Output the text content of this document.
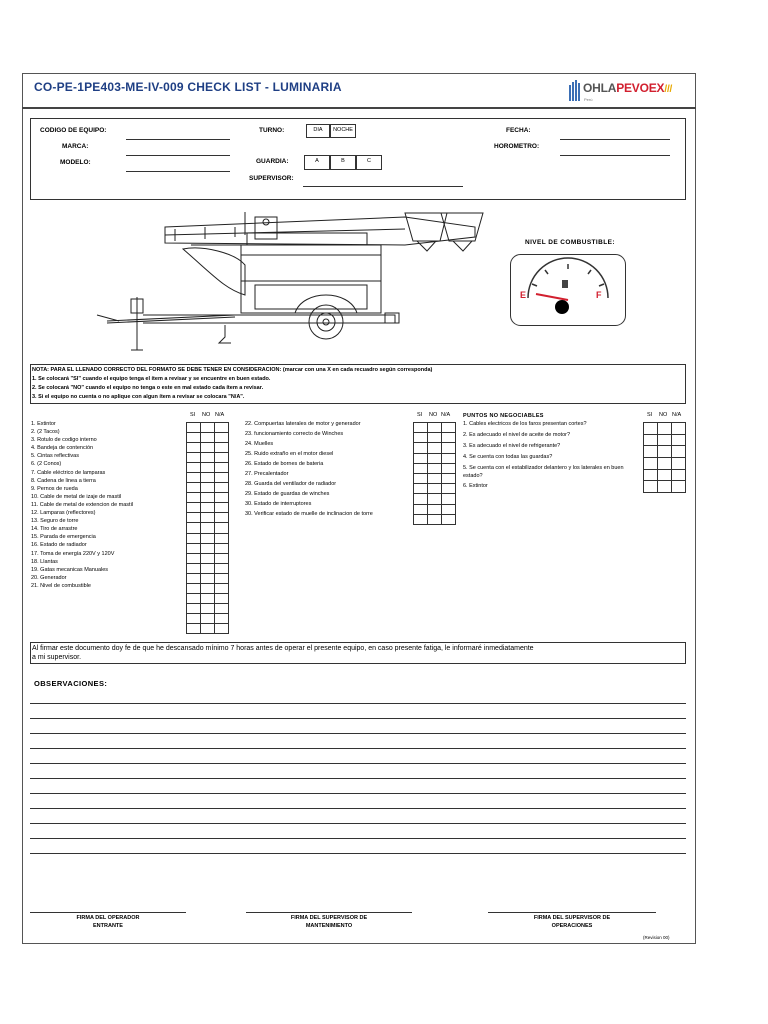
CO-PE-1PE403-ME-IV-009 CHECK LIST - LUMINARIA	OHLAPEVOEX///
Perú
CODIGO DE EQUIPO:
MARCA:
MODELO:
TURNO:	DIA	NOCHE
GUARDIA:	A	B	C
SUPERVISOR:
FECHA:
HOROMETRO:
NIVEL DE COMBUSTIBLE:
E	F
NOTA: PARA EL LLENADO CORRECTO DEL FORMATO SE DEBE TENER EN CONSIDERACION: (marcar con una X en cada recuadro según corresponda)
1. Se colocará "SI" cuando el equipo tenga el ítem a revisar y se encuentre en buen estado.
2. Se colocará "NO" cuando el equipo no tenga o este en mal estado cada ítem a revisar.
3. Si el equipo no cuenta o no aplique con algun ítem a revisar se colocara "N/A".
SI NO N/A	SI NO N/A	SI NO N/A
1. Extintor
2. (2 Tacos)
3. Rotulo de codigo interno
4. Bandeja de contención
5. Cintas reflectivas
6. (2 Conos)
7. Cable eléctrico de lamparas
8. Cadena de linea a tierra
9. Pernos de rueda
10. Cable de metal de izaje de mastil
11. Cable de metal de extencion de mastil
12. Lamparas (reflectores)
13. Seguro de torre
14. Tiro de arrastre
15. Parada de emergencia
16. Estado de radiador
17. Toma de energía 220V y 120V
18. Llantas
19. Gatas mecanicas Manuales
20. Generador
21. Nivel de combustible
22. Compuertas laterales de motor y generador
23. funcionamiento correcto de Winches
24. Muelles
25. Ruido extraño en el motor diesel
26. Estado de bornes de bateria
27. Precalentador
28. Guarda del ventilador de radiador
29. Estado de guardas de winches
30. Estado de interruptores
30. Verificar estado de muelle de inclinacion de torre
PUNTOS NO NEGOCIABLES
1. Cables electricos de los faros presentan cortes?
2. Es adecuado el nivel de aceite de motor?
3. Es adecuado el nivel de refrigerante?
4. Se cuenta con todas las guardas?
5. Se cuenta con el estabilizador delantero y los laterales en buen estado?
6. Extintor
Al firmar este documento doy fe de que he descansado mínimo 7 horas antes de operar el presente equipo, en caso presente fatiga, le informaré inmediatamente
a mi supervisor.
OBSERVACIONES:
FIRMA DEL OPERADOR
ENTRANTE
FIRMA DEL SUPERVISOR DE
MANTENIMIENTO
FIRMA DEL SUPERVISOR DE
OPERACIONES
(Revision 00)
